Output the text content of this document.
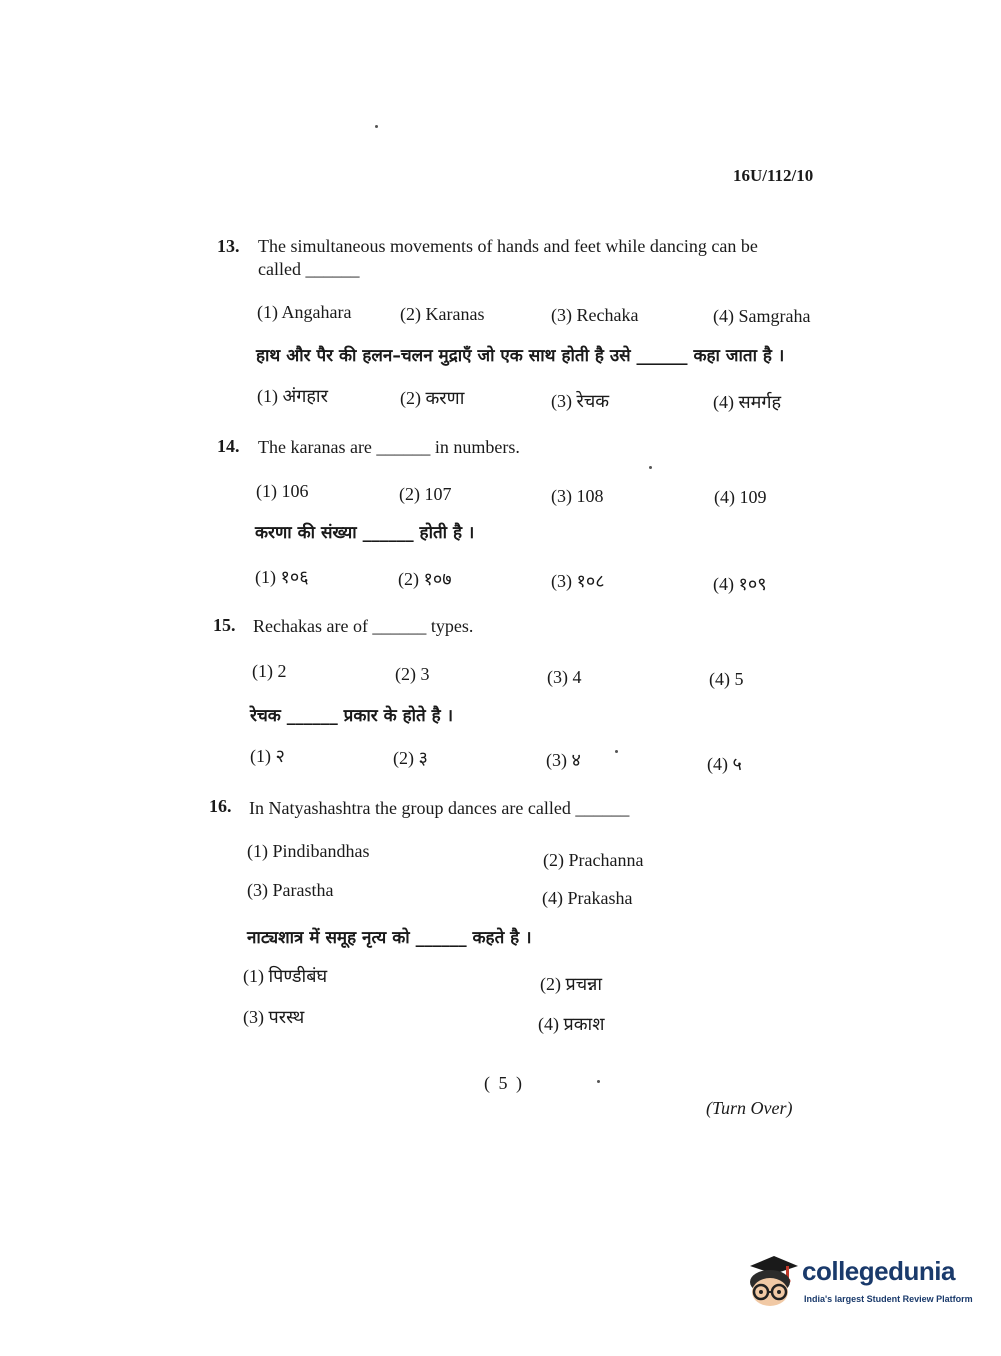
16U/112/10
13. The simultaneous movements of hands and feet while dancing can be
called ______
(1) Angahara	(2) Karanas	(3) Rechaka	(4) Samgraha
हाथ और पैर की हलन–चलन मुद्राएँ जो एक साथ होती है उसे ______ कहा जाता है ।
(1) अंगहार	(2) करणा	(3) रेचक	(4) समर्गह
14. The karanas are ______ in numbers.
(1) 106	(2) 107	(3) 108	(4) 109
करणा की संख्या ______ होती है ।
(1) १०६	(2) १०७	(3) १०८	(4) १०९
15. Rechakas are of ______ types.
(1) 2	(2) 3	(3) 4	(4) 5
रेचक ______ प्रकार के होते है ।
(1) २	(2) ३	(3) ४	(4) ५
16. In Natyashashtra the group dances are called ______
(1) Pindibandhas	(2) Prachanna
(3) Parastha	(4) Prakasha
नाट्यशात्र में समूह नृत्य को ______ कहते है ।
(1) पिण्डीबंघ	(2) प्रचन्ना
(3) परस्थ	(4) प्रकाश
( 5 )
(Turn Over)
collegedunia
India's largest Student Review Platform
